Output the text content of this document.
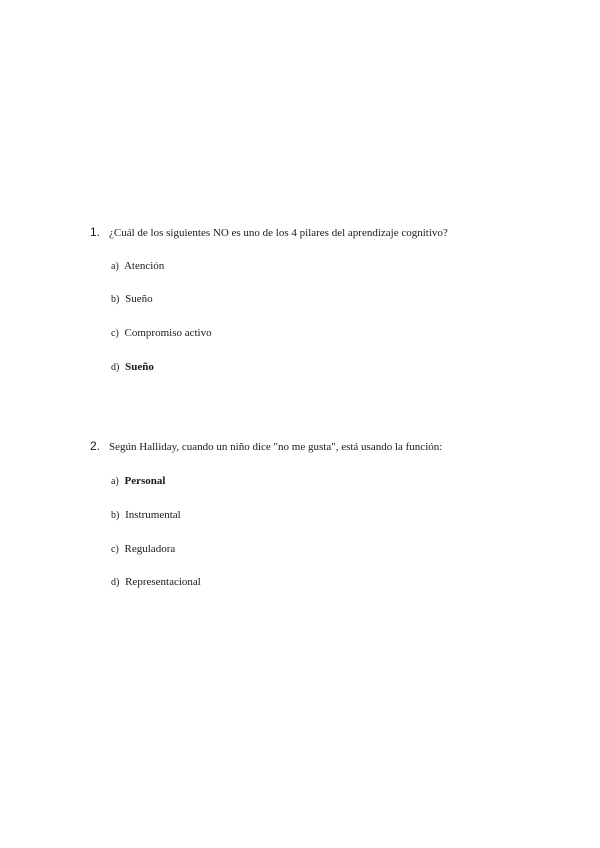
1. ¿Cuál de los siguientes NO es uno de los 4 pilares del aprendizaje cognitivo?
a) Atención
b) Sueño
c) Compromiso activo
d) Sueño
2. Según Halliday, cuando un niño dice "no me gusta", está usando la función:
a) Personal
b) Instrumental
c) Reguladora
d) Representacional
